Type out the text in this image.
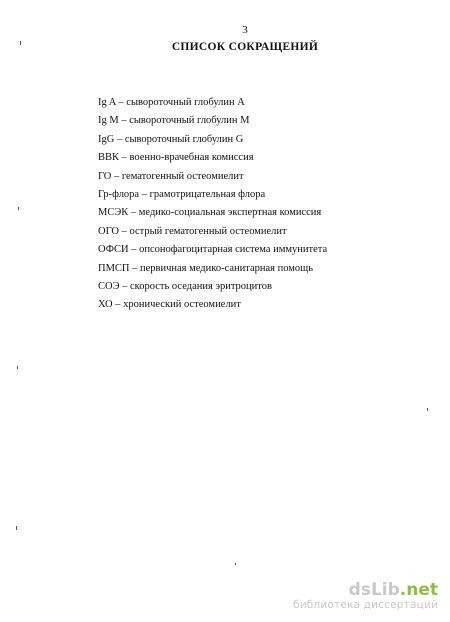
3
СПИСОК СОКРАЩЕНИЙ
Ig A – сывороточный глобулин A
Ig M – сывороточный глобулин M
IgG – сывороточный глобулин G
ВВК – военно-врачебная комиссия
ГО – гематогенный остеомиелит
Гр-флора – грамотрицательная флора
МСЭК – медико-социальная экспертная комиссия
ОГО – острый гематогенный остеомиелит
ОФСИ – опсонофагоцитарная система иммунитета
ПМСП – первичная медико-санитарная помощь
СОЭ – скорость оседания эритроцитов
ХО – хронический остеомиелит
dsLib.net
библиотека диссертаций
